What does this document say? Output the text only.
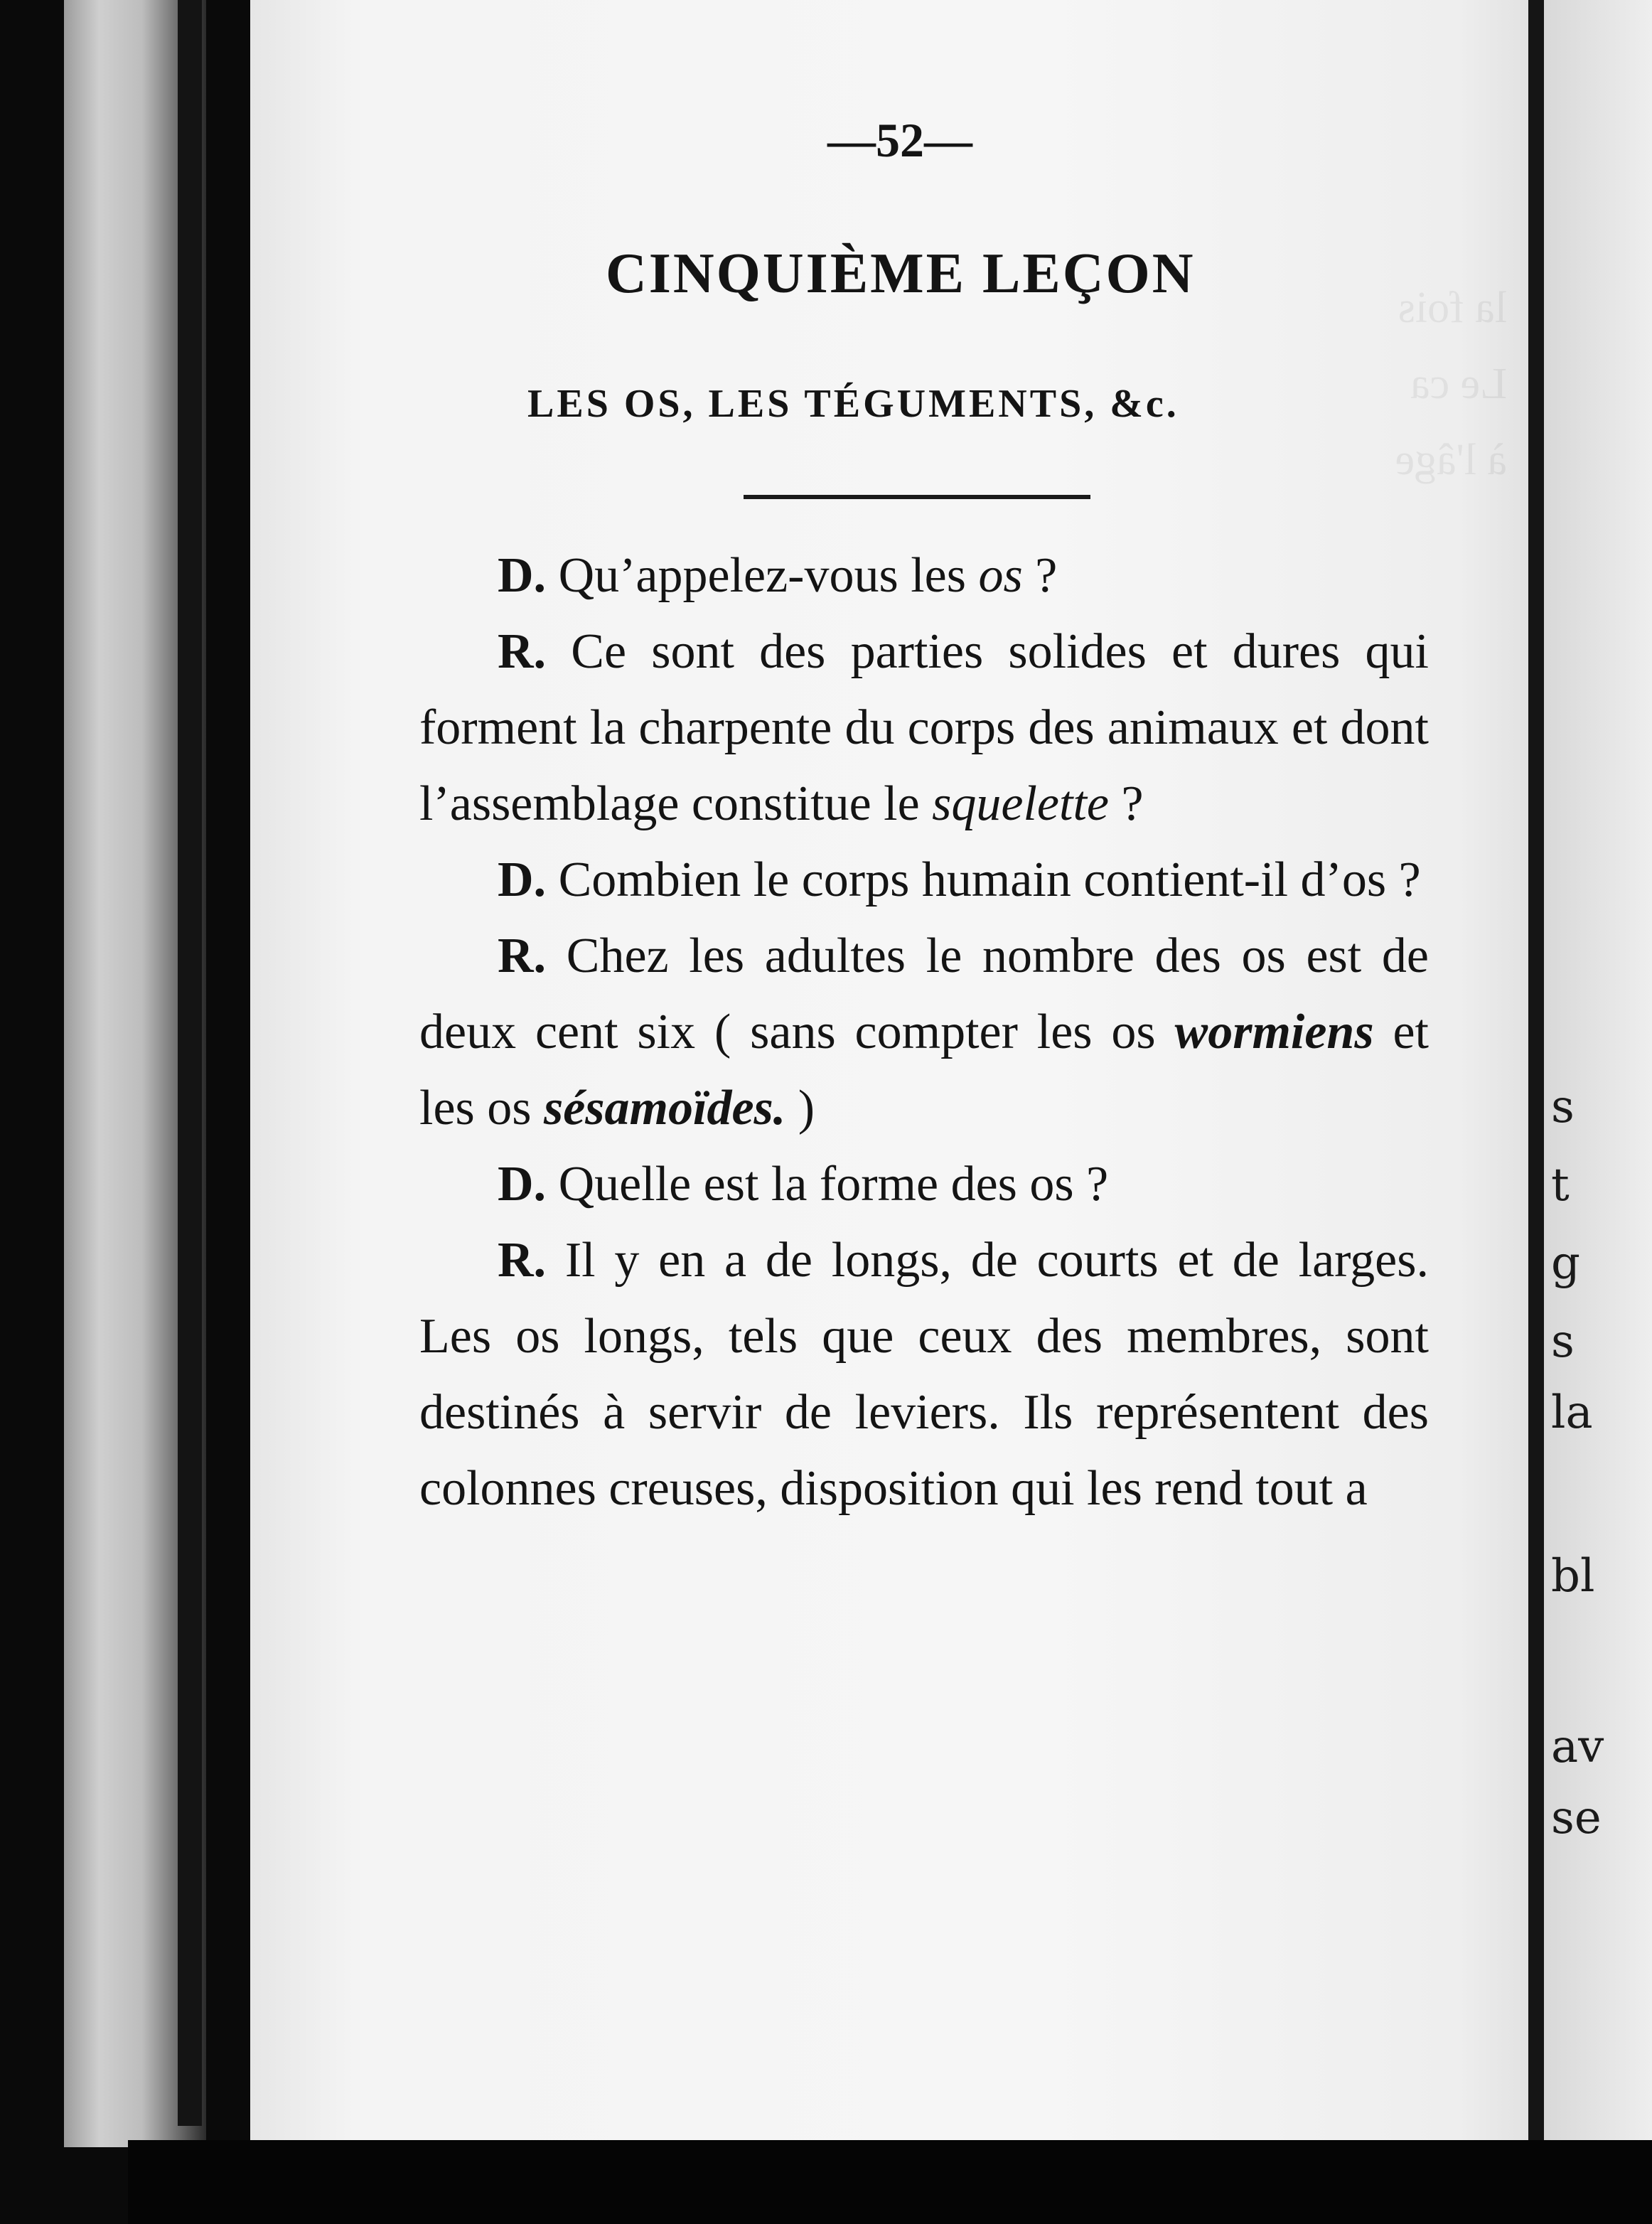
la fois
Le ca
à l'âge

—52—
CINQUIÈME LEÇON
LES OS, LES TÉGUMENTS, &c.

D. Qu’appelez-vous les os ?

R. Ce sont des parties solides et dures qui forment la charpente du corps des animaux et dont l’assemblage constitue le squelette ?

D. Combien le corps humain contient-il d’os ?

R. Chez les adultes le nombre des os est de deux cent six ( sans compter les os wormiens et les os sésamoïdes. )

D. Quelle est la forme des os ?

R. Il y en a de longs, de courts et de larges. Les os longs, tels que ceux des membres, sont destinés à servir de leviers. Ils représentent des colonnes creuses, disposition qui les rend tout a

s
t
g
s
la
bl
av
se
